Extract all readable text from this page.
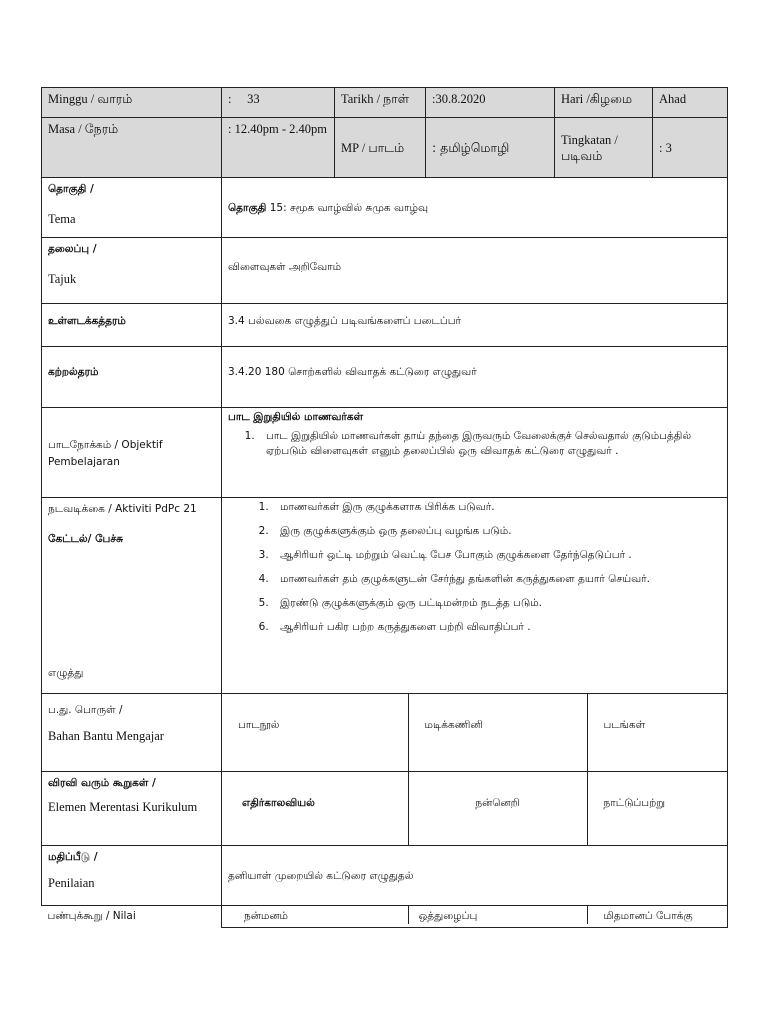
Minggu / வாரம்	:     33	Tarikh / நாள்	:30.8.2020	Hari /கிழமை	Ahad
Masa / நேரம்	: 12.40pm - 2.40pm	MP / பாடம்	: தமிழ்மொழி	Tingkatan /படிவம்	: 3

தொகுதி /
Tema
	தொகுதி 15: சமூக வாழ்வில் சுமுக வாழ்வு

தலைப்பு /
Tajuk
	விளைவுகள் அறிவோம்
உள்ளடக்கத்தரம்	3.4 பல்வகை எழுத்துப் படிவங்களைப் படைப்பர்
கற்றல்தரம்	3.4.20 180 சொற்களில் விவாதக் கட்டுரை எழுதுவர்
பாடநோக்கம் / Objektif Pembelajaran	பாட இறுதியில் மாணவர்கள்
1. பாட இறுதியில் மாணவர்கள் தாய் தந்தை இருவரும் வேலைக்குச் செல்வதால் குடும்பத்தில் ஏற்படும் விளைவுகள் எனும் தலைப்பில் ஒரு விவாதக் கட்டுரை எழுதுவர் .

நடவடிக்கை / Aktiviti PdPc 21
கேட்டல்/ பேச்சு
எழுத்து

1. மாணவர்கள் இரு குழுக்களாக பிரிக்க படுவர்.
2. இரு குழுக்களுக்கும் ஒரு தலைப்பு வழங்க படும்.
3. ஆசிரியர் ஒட்டி மற்றும் வெட்டி பேச போகும் குழுக்களை தேர்ந்தெடுப்பர் .
4. மாணவர்கள் தம் குழுக்களுடன் சேர்ந்து தங்களின் கருத்துகளை தயார் செய்வர்.
5. இரண்டு குழுக்களுக்கும் ஒரு பட்டிமன்றம் நடத்த படும்.
6. ஆசிரியர் பகிர பற்ற கருத்துகளை பற்றி விவாதிப்பர் .

ப.து. பொருள் /
Bahan Bantu Mengajar

பாடநூல்	மடிக்கணினி	படங்கள்

விரவி வரும் கூறுகள் /
Elemen Merentasi Kurikulum
		எதிர்காலவியல்	நன்னெறி	நாட்டுப்பற்று

மதிப்பீடு /
Penilaian	தனியாள் முறையில் கட்டுரை எழுதுதல்
பண்புக்கூறு / Nilai		நன்மனம்	ஒத்துழைப்பு	மிதமானப் போக்கு
